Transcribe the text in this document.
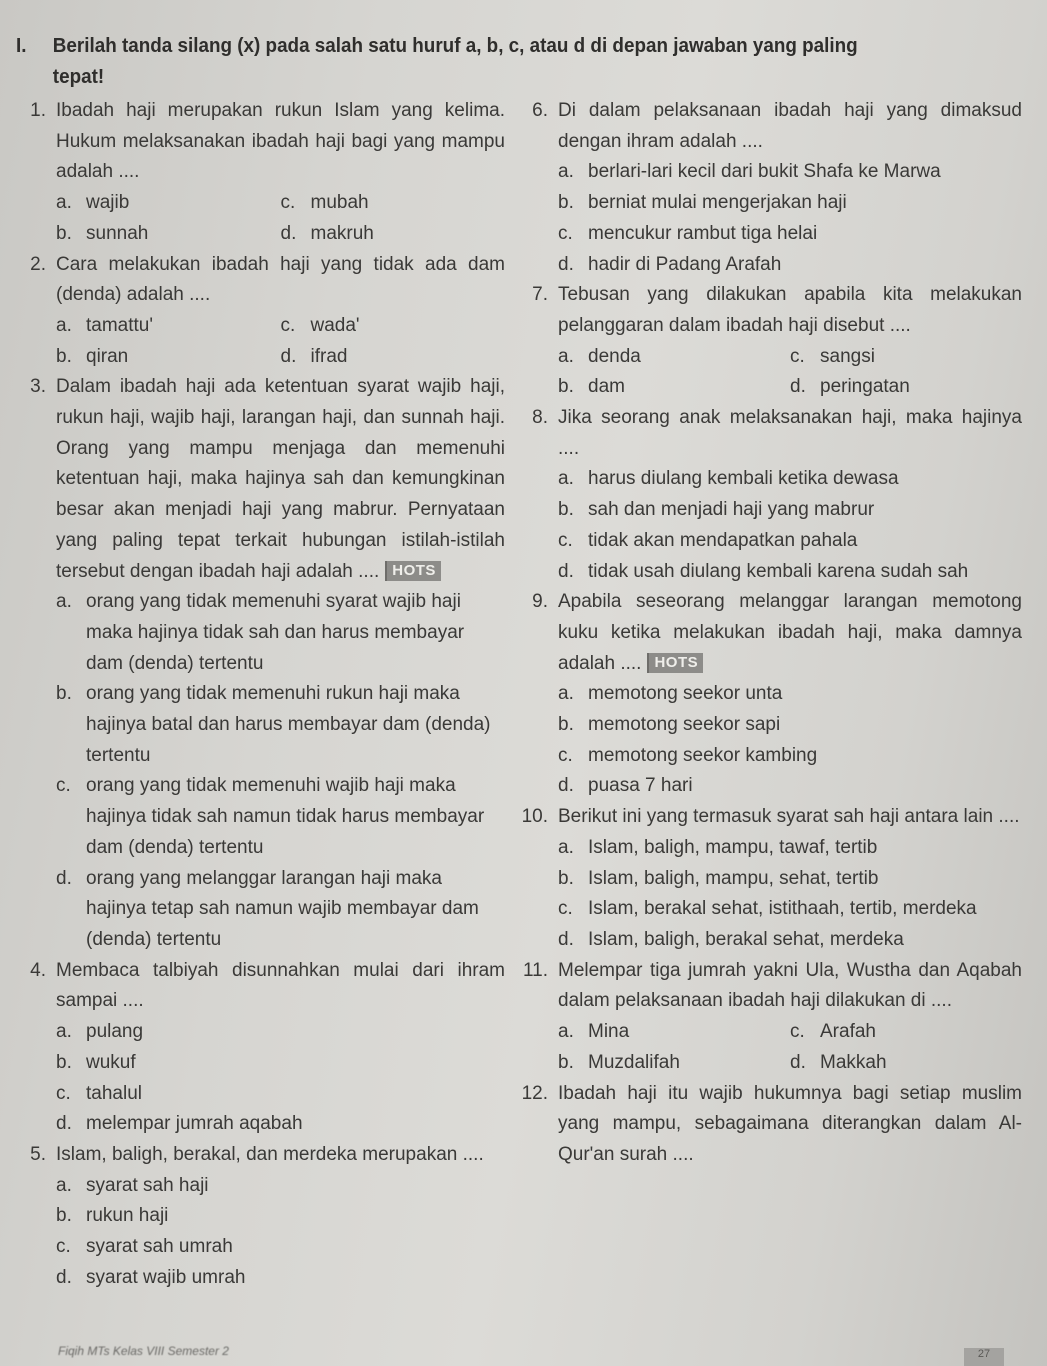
I.	Berilah tanda silang (x) pada salah satu huruf a, b, c, atau d di depan jawaban yang paling tepat!
1. Ibadah haji merupakan rukun Islam yang kelima. Hukum melaksanakan ibadah haji bagi yang mampu adalah ....
a. wajib
b. sunnah
c. mubah
d. makruh
2. Cara melakukan ibadah haji yang tidak ada dam (denda) adalah ....
a. tamattu'
b. qiran
c. wada'
d. ifrad
3. Dalam ibadah haji ada ketentuan syarat wajib haji, rukun haji, wajib haji, larangan haji, dan sunnah haji. Orang yang mampu menjaga dan memenuhi ketentuan haji, maka hajinya sah dan kemungkinan besar akan menjadi haji yang mabrur. Pernyataan yang paling tepat terkait hubungan istilah-istilah tersebut dengan ibadah haji adalah .... HOTS
a. orang yang tidak memenuhi syarat wajib haji maka hajinya tidak sah dan harus membayar dam (denda) tertentu
b. orang yang tidak memenuhi rukun haji maka hajinya batal dan harus membayar dam (denda) tertentu
c. orang yang tidak memenuhi wajib haji maka hajinya tidak sah namun tidak harus membayar dam (denda) tertentu
d. orang yang melanggar larangan haji maka hajinya tetap sah namun wajib membayar dam (denda) tertentu
4. Membaca talbiyah disunnahkan mulai dari ihram sampai ....
a. pulang
b. wukuf
c. tahalul
d. melempar jumrah aqabah
5. Islam, baligh, berakal, dan merdeka merupakan ....
a. syarat sah haji
b. rukun haji
c. syarat sah umrah
d. syarat wajib umrah
6. Di dalam pelaksanaan ibadah haji yang dimaksud dengan ihram adalah ....
a. berlari-lari kecil dari bukit Shafa ke Marwa
b. berniat mulai mengerjakan haji
c. mencukur rambut tiga helai
d. hadir di Padang Arafah
7. Tebusan yang dilakukan apabila kita melakukan pelanggaran dalam ibadah haji disebut ....
a. denda
b. dam
c. sangsi
d. peringatan
8. Jika seorang anak melaksanakan haji, maka hajinya ....
a. harus diulang kembali ketika dewasa
b. sah dan menjadi haji yang mabrur
c. tidak akan mendapatkan pahala
d. tidak usah diulang kembali karena sudah sah
9. Apabila seseorang melanggar larangan memotong kuku ketika melakukan ibadah haji, maka damnya adalah .... HOTS
a. memotong seekor unta
b. memotong seekor sapi
c. memotong seekor kambing
d. puasa 7 hari
10. Berikut ini yang termasuk syarat sah haji antara lain ....
a. Islam, baligh, mampu, tawaf, tertib
b. Islam, baligh, mampu, sehat, tertib
c. Islam, berakal sehat, istithaah, tertib, merdeka
d. Islam, baligh, berakal sehat, merdeka
11. Melempar tiga jumrah yakni Ula, Wustha dan Aqabah dalam pelaksanaan ibadah haji dilakukan di ....
a. Mina
b. Muzdalifah
c. Arafah
d. Makkah
12. Ibadah haji itu wajib hukumnya bagi setiap muslim yang mampu, sebagaimana diterangkan dalam Al-Qur'an surah ....
Fiqih MTs Kelas VIII Semester 2	27
